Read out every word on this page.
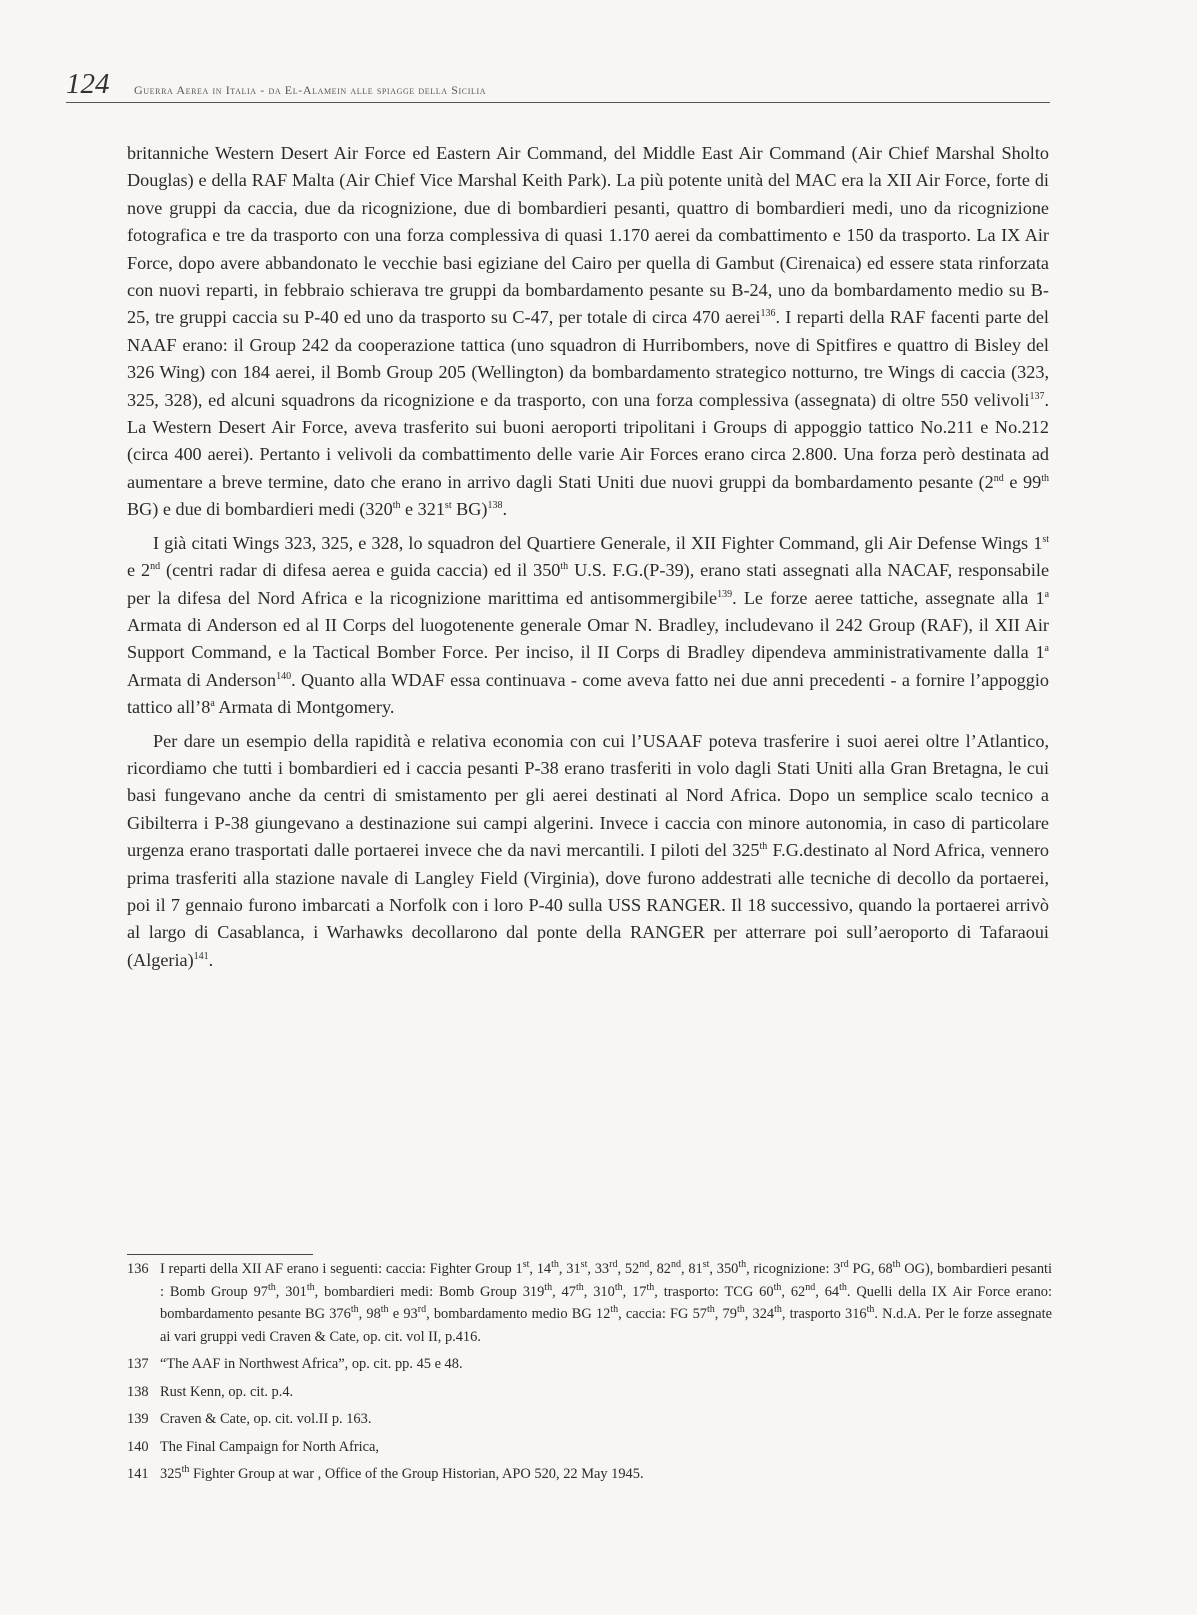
124 Guerra Aerea in Italia - da El-Alamein alle spiagge della Sicilia

britanniche Western Desert Air Force ed Eastern Air Command, del Middle East Air Command (Air Chief Marshal Sholto Douglas) e della RAF Malta (Air Chief Vice Marshal Keith Park). La più potente unità del MAC era la XII Air Force, forte di nove gruppi da caccia, due da ricognizione, due di bombardieri pesanti, quattro di bombardieri medi, uno da ricognizione fotografica e tre da trasporto con una forza complessiva di quasi 1.170 aerei da combattimento e 150 da trasporto. La IX Air Force, dopo avere abbandonato le vecchie basi egiziane del Cairo per quella di Gambut (Cirenaica) ed essere stata rinforzata con nuovi reparti, in febbraio schierava tre gruppi da bombardamento pesante su B-24, uno da bombardamento medio su B-25, tre gruppi caccia su P-40 ed uno da trasporto su C-47, per totale di circa 470 aerei$^{136}$. I reparti della RAF facenti parte del NAAF erano: il Group 242 da cooperazione tattica (uno squadron di Hurribombers, nove di Spitfires e quattro di Bisley del 326 Wing) con 184 aerei, il Bomb Group 205 (Wellington) da bombardamento strategico notturno, tre Wings di caccia (323, 325, 328), ed alcuni squadrons da ricognizione e da trasporto, con una forza complessiva (assegnata) di oltre 550 velivoli$^{137}$. La Western Desert Air Force, aveva trasferito sui buoni aeroporti tripolitani i Groups di appoggio tattico No.211 e No.212 (circa 400 aerei). Pertanto i velivoli da combattimento delle varie Air Forces erano circa 2.800. Una forza però destinata ad aumentare a breve termine, dato che erano in arrivo dagli Stati Uniti due nuovi gruppi da bombardamento pesante (2nd e 99th BG) e due di bombardieri medi (320th e 321st BG)$^{138}$.

I già citati Wings 323, 325, e 328, lo squadron del Quartiere Generale, il XII Fighter Command, gli Air Defense Wings 1st e 2nd (centri radar di difesa aerea e guida caccia) ed il 350th U.S. F.G.(P-39), erano stati assegnati alla NACAF, responsabile per la difesa del Nord Africa e la ricognizione marittima ed antisommergibile$^{139}$. Le forze aeree tattiche, assegnate alla 1$^a$ Armata di Anderson ed al II Corps del luogotenente generale Omar N. Bradley, includevano il 242 Group (RAF), il XII Air Support Command, e la Tactical Bomber Force. Per inciso, il II Corps di Bradley dipendeva amministrativamente dalla 1$^a$ Armata di Anderson$^{140}$. Quanto alla WDAF essa continuava - come aveva fatto nei due anni precedenti - a fornire l’appoggio tattico all’8$^a$ Armata di Montgomery.

Per dare un esempio della rapidità e relativa economia con cui l’USAAF poteva trasferire i suoi aerei oltre l’Atlantico, ricordiamo che tutti i bombardieri ed i caccia pesanti P-38 erano trasferiti in volo dagli Stati Uniti alla Gran Bretagna, le cui basi fungevano anche da centri di smistamento per gli aerei destinati al Nord Africa. Dopo un semplice scalo tecnico a Gibilterra i P-38 giungevano a destinazione sui campi algerini. Invece i caccia con minore autonomia, in caso di particolare urgenza erano trasportati dalle portaerei invece che da navi mercantili. I piloti del 325th F.G.destinato al Nord Africa, vennero prima trasferiti alla stazione navale di Langley Field (Virginia), dove furono addestrati alle tecniche di decollo da portaerei, poi il 7 gennaio furono imbarcati a Norfolk con i loro P-40 sulla USS RANGER. Il 18 successivo, quando la portaerei arrivò al largo di Casablanca, i Warhawks decollarono dal ponte della RANGER per atterrare poi sull’aeroporto di Tafaraoui (Algeria)$^{141}$.

136 I reparti della XII AF erano i seguenti: caccia: Fighter Group 1st, 14th, 31st, 33rd, 52nd, 82nd, 81st, 350th, ricognizione: 3rd PG, 68th OG), bombardieri pesanti : Bomb Group 97th, 301th, bombardieri medi: Bomb Group 319th, 47th, 310th, 17th, trasporto: TCG 60th, 62nd, 64th. Quelli della IX Air Force erano: bombardamento pesante BG 376th, 98th e 93rd, bombardamento medio BG 12th, caccia: FG 57th, 79th, 324th, trasporto 316th. N.d.A. Per le forze assegnate ai vari gruppi vedi Craven & Cate, op. cit. vol II, p.416.
137 “The AAF in Northwest Africa”, op. cit. pp. 45 e 48.
138 Rust Kenn, op. cit. p.4.
139 Craven & Cate, op. cit. vol.II p. 163.
140 The Final Campaign for North Africa,
141 325th Fighter Group at war , Office of the Group Historian, APO 520, 22 May 1945.
